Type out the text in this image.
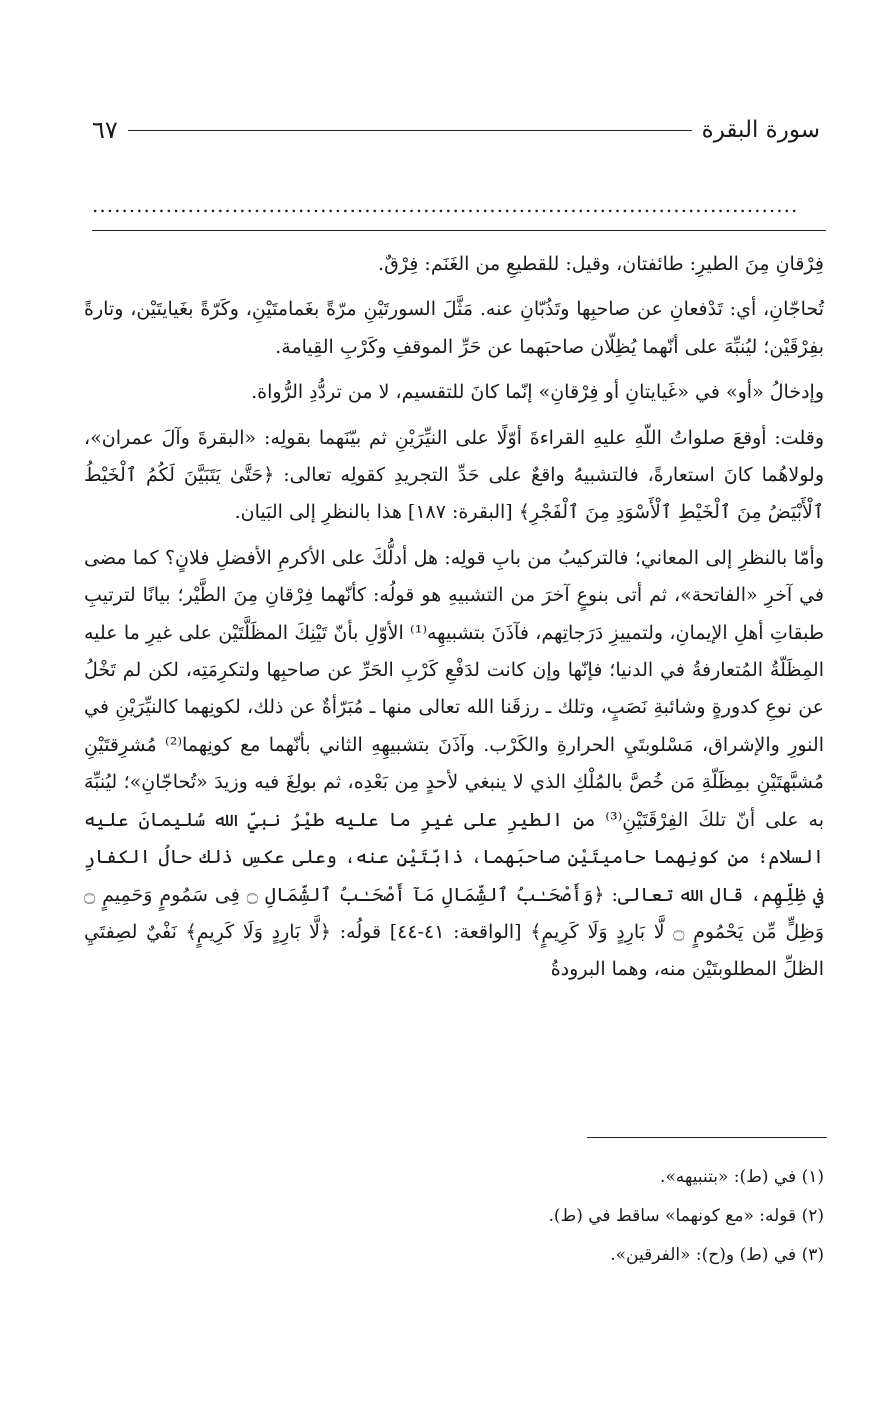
سورة البقرة
٦٧
................................................................................................

فِرْقانِ مِنَ الطيرِ: طائفتان، وقيل: للقطيعِ من الغَنَم: فِرْقٌ.

تُحاجّانِ، أي: تَدْفعانِ عن صاحبِها وتَذُبّانِ عنه. مَثَّلَ السورتَيْنِ مرّةً بغَمامتَيْنِ، وكَرّةً بغَيايتَيْن، وتارةً بفِرْقَيْن؛ ليُنبِّهَ على أنّهما يُظِلّان صاحبَهما عن حَرِّ الموقفِ وكَرْبِ القِيامة.

وإدخالُ «أو» في «غَيايتانِ أو فِرْقانِ» إنّما كانَ للتقسيم، لا من تردُّدِ الرُّواة.

وقلت: أوقعَ صلواتُ اللّهِ عليهِ القراءةَ أوّلًا على النيِّرَيْنِ ثم بيّنَهما بقولِه: «البقرةَ وآلَ عمران»، ولولاهُما كانَ استعارةً، فالتشبيهُ واقعٌ على حَدِّ التجريدِ كقولِه تعالى: ﴿حَتَّىٰ يَتَبَيَّنَ لَكُمُ ٱلْخَيْطُ ٱلْأَبْيَضُ مِنَ ٱلْخَيْطِ ٱلْأَسْوَدِ مِنَ ٱلْفَجْرِ﴾ [البقرة: ١٨٧] هذا بالنظرِ إلى البَيان.

وأمّا بالنظرِ إلى المعاني؛ فالتركيبُ من بابِ قولِه: هل أدلُّكَ على الأكرمِ الأفضلِ فلانٍ؟ كما مضى في آخرِ «الفاتحة»، ثم أتى بنوعٍ آخرَ من التشبيهِ هو قولُه: كأنّهما فِرْقانِ مِنَ الطَّيْر؛ بيانًا لترتيبِ طبقاتِ أهلِ الإيمانِ، ولتمييزِ دَرَجاتِهم، فآذَنَ بتشبيهِه⁽¹⁾ الأوّلِ بأنّ تَيْنِكَ المظَلَّتَيْن على غيرِ ما عليه المِظَلّةُ المُتعارفةُ في الدنيا؛ فإنّها وإن كانت لدَفْعِ كَرْبِ الحَرِّ عن صاحبِها ولتكرِمَتِه، لكن لم تَخْلُ عن نوعِ كدورةٍ وشائبةِ نَصَبٍ، وتلك ـ رزقَنا الله تعالى منها ـ مُبَرّأةٌ عن ذلك، لكونِهما كالنيِّرَيْنِ في النورِ والإشراق، مَسْلوبتَيِ الحرارةِ والكَرْب. وآذَنَ بتشبيهِهِ الثاني بأنّهما مع كونِهما⁽²⁾ مُشرِقتَيْنِ مُشبَّهتَيْنِ بمِظَلّةِ مَن خُصَّ بالمُلْكِ الذي لا ينبغي لأحدٍ مِن بَعْدِه، ثم بولِغَ فيه وزيدَ «تُحاجّانِ»؛ ليُنبِّهَ به على أنّ تلكَ الفِرْقَتَيْنِ⁽³⁾ من الطيرِ على غيرِ ما عليه طيْرُ نبيِّ الله سُليمانَ عليه السلام؛ من كونِهما حاميتَيْنِ صاحبَهما، ذابّتَيْنِ عنه، وعلى عكسِ ذلك حالُ الكفارِ في ظِلِّهِم، قال الله تعالى: ﴿وَأَصْحَـٰبُ ٱلشِّمَالِ مَآ أَصْحَـٰبُ ٱلشِّمَالِ ۝ فِى سَمُومٍ وَحَمِيمٍ ۝ وَظِلٍّ مِّن يَحْمُومٍ ۝ لَّا بَارِدٍ وَلَا كَرِيمٍ﴾ [الواقعة: ٤١-٤٤] قولُه: ﴿لَّا بَارِدٍ وَلَا كَرِيمٍ﴾ نَفْيٌ لصِفتَيِ الظلِّ المطلوبتَيْن منه، وهما البرودةُ

(١) في (ط): «بتنبيهه».
(٢) قوله: «مع كونهما» ساقط في (ط).
(٣) في (ط) و(ح): «الفرقين».
